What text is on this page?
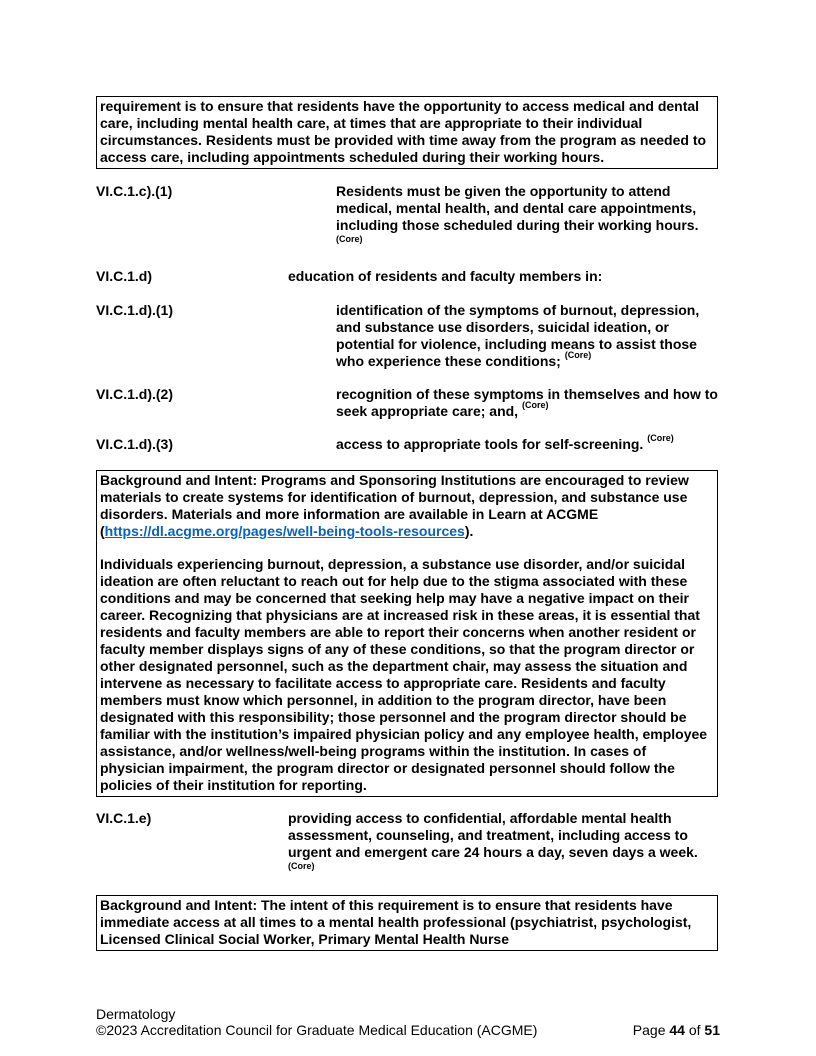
requirement is to ensure that residents have the opportunity to access medical and dental care, including mental health care, at times that are appropriate to their individual circumstances. Residents must be provided with time away from the program as needed to access care, including appointments scheduled during their working hours.

VI.C.1.c).(1)	Residents must be given the opportunity to attend medical, mental health, and dental care appointments, including those scheduled during their working hours.
(Core)
VI.C.1.d)	education of residents and faculty members in:
VI.C.1.d).(1)	identification of the symptoms of burnout, depression, and substance use disorders, suicidal ideation, or potential for violence, including means to assist those who experience these conditions; $^{(Core)}$
VI.C.1.d).(2)	recognition of these symptoms in themselves and how to seek appropriate care; and, $^{(Core)}$
VI.C.1.d).(3)	access to appropriate tools for self-screening. $^{(Core)}$

Background and Intent: Programs and Sponsoring Institutions are encouraged to review materials to create systems for identification of burnout, depression, and substance use disorders. Materials and more information are available in Learn at ACGME (https://dl.acgme.org/pages/well-being-tools-resources).

Individuals experiencing burnout, depression, a substance use disorder, and/or suicidal ideation are often reluctant to reach out for help due to the stigma associated with these conditions and may be concerned that seeking help may have a negative impact on their career. Recognizing that physicians are at increased risk in these areas, it is essential that residents and faculty members are able to report their concerns when another resident or faculty member displays signs of any of these conditions, so that the program director or other designated personnel, such as the department chair, may assess the situation and intervene as necessary to facilitate access to appropriate care. Residents and faculty members must know which personnel, in addition to the program director, have been designated with this responsibility; those personnel and the program director should be familiar with the institution’s impaired physician policy and any employee health, employee assistance, and/or wellness/well-being programs within the institution. In cases of physician impairment, the program director or designated personnel should follow the policies of their institution for reporting.

VI.C.1.e)	providing access to confidential, affordable mental health assessment, counseling, and treatment, including access to urgent and emergent care 24 hours a day, seven days a week.
(Core)

Background and Intent: The intent of this requirement is to ensure that residents have immediate access at all times to a mental health professional (psychiatrist, psychologist, Licensed Clinical Social Worker, Primary Mental Health Nurse

Dermatology
©2023 Accreditation Council for Graduate Medical Education (ACGME)	Page 44 of 51
